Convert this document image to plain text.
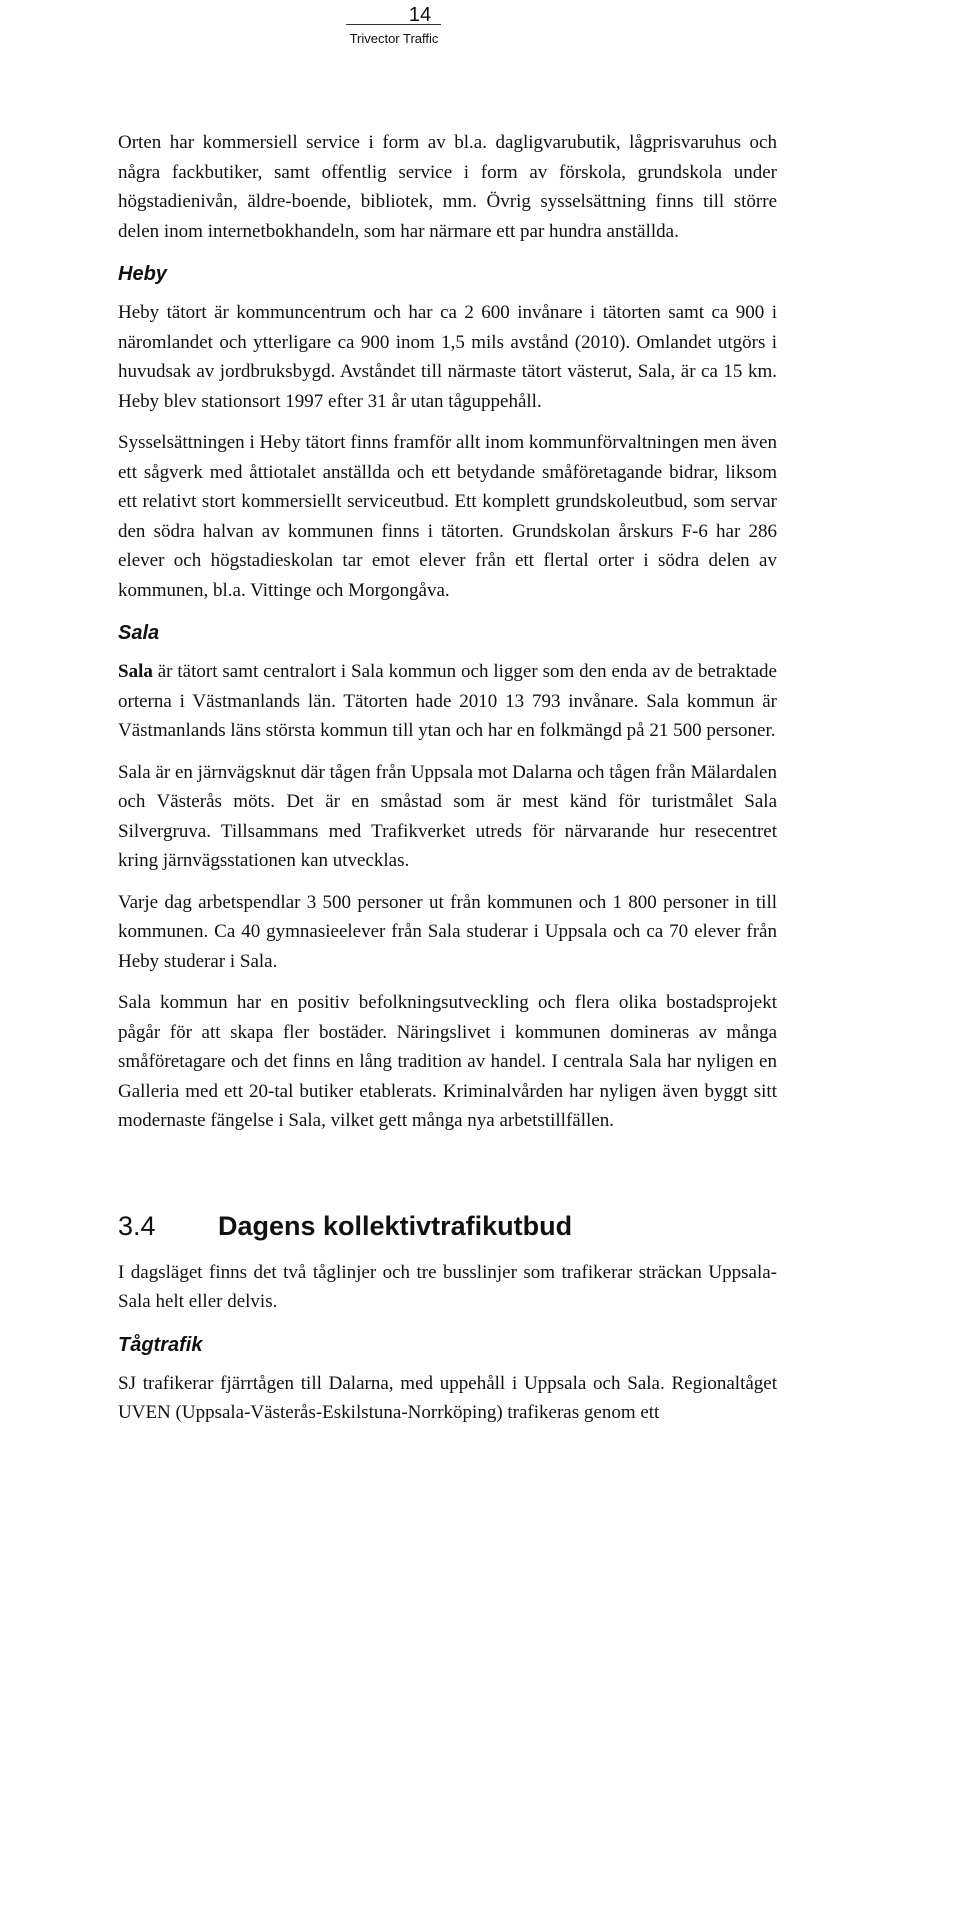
14
Trivector Traffic

Orten har kommersiell service i form av bl.a. dagligvarubutik, lågprisvaruhus och några fackbutiker, samt offentlig service i form av förskola, grundskola under högstadienivån, äldre-boende, bibliotek, mm. Övrig sysselsättning finns till större delen inom internetbokhandeln, som har närmare ett par hundra anställda.

Heby

Heby tätort är kommuncentrum och har ca 2 600 invånare i tätorten samt ca 900 i näromlandet och ytterligare ca 900 inom 1,5 mils avstånd (2010). Omlandet utgörs i huvudsak av jordbruksbygd. Avståndet till närmaste tätort västerut, Sala, är ca 15 km. Heby blev stationsort 1997 efter 31 år utan tåguppehåll.

Sysselsättningen i Heby tätort finns framför allt inom kommunförvaltningen men även ett sågverk med åttiotalet anställda och ett betydande småföretagande bidrar, liksom ett relativt stort kommersiellt serviceutbud. Ett komplett grundskoleutbud, som servar den södra halvan av kommunen finns i tätorten. Grundskolan årskurs F-6 har 286 elever och högstadieskolan tar emot elever från ett flertal orter i södra delen av kommunen, bl.a. Vittinge och Morgongåva.

Sala

Sala är tätort samt centralort i Sala kommun och ligger som den enda av de betraktade orterna i Västmanlands län. Tätorten hade 2010 13 793 invånare. Sala kommun är Västmanlands läns största kommun till ytan och har en folkmängd på 21 500 personer.

Sala är en järnvägsknut där tågen från Uppsala mot Dalarna och tågen från Mälardalen och Västerås möts. Det är en småstad som är mest känd för turistmålet Sala Silvergruva. Tillsammans med Trafikverket utreds för närvarande hur resecentret kring järnvägsstationen kan utvecklas.

Varje dag arbetspendlar 3 500 personer ut från kommunen och 1 800 personer in till kommunen. Ca 40 gymnasieelever från Sala studerar i Uppsala och ca 70 elever från Heby studerar i Sala.

Sala kommun har en positiv befolkningsutveckling och flera olika bostadsprojekt pågår för att skapa fler bostäder. Näringslivet i kommunen domineras av många småföretagare och det finns en lång tradition av handel. I centrala Sala har nyligen en Galleria med ett 20-tal butiker etablerats. Kriminalvården har nyligen även byggt sitt modernaste fängelse i Sala, vilket gett många nya arbetstillfällen.

3.4 Dagens kollektivtrafikutbud

I dagsläget finns det två tåglinjer och tre busslinjer som trafikerar sträckan Uppsala-Sala helt eller delvis.

Tågtrafik

SJ trafikerar fjärrtågen till Dalarna, med uppehåll i Uppsala och Sala. Regionaltåget UVEN (Uppsala-Västerås-Eskilstuna-Norrköping) trafikeras genom ett
